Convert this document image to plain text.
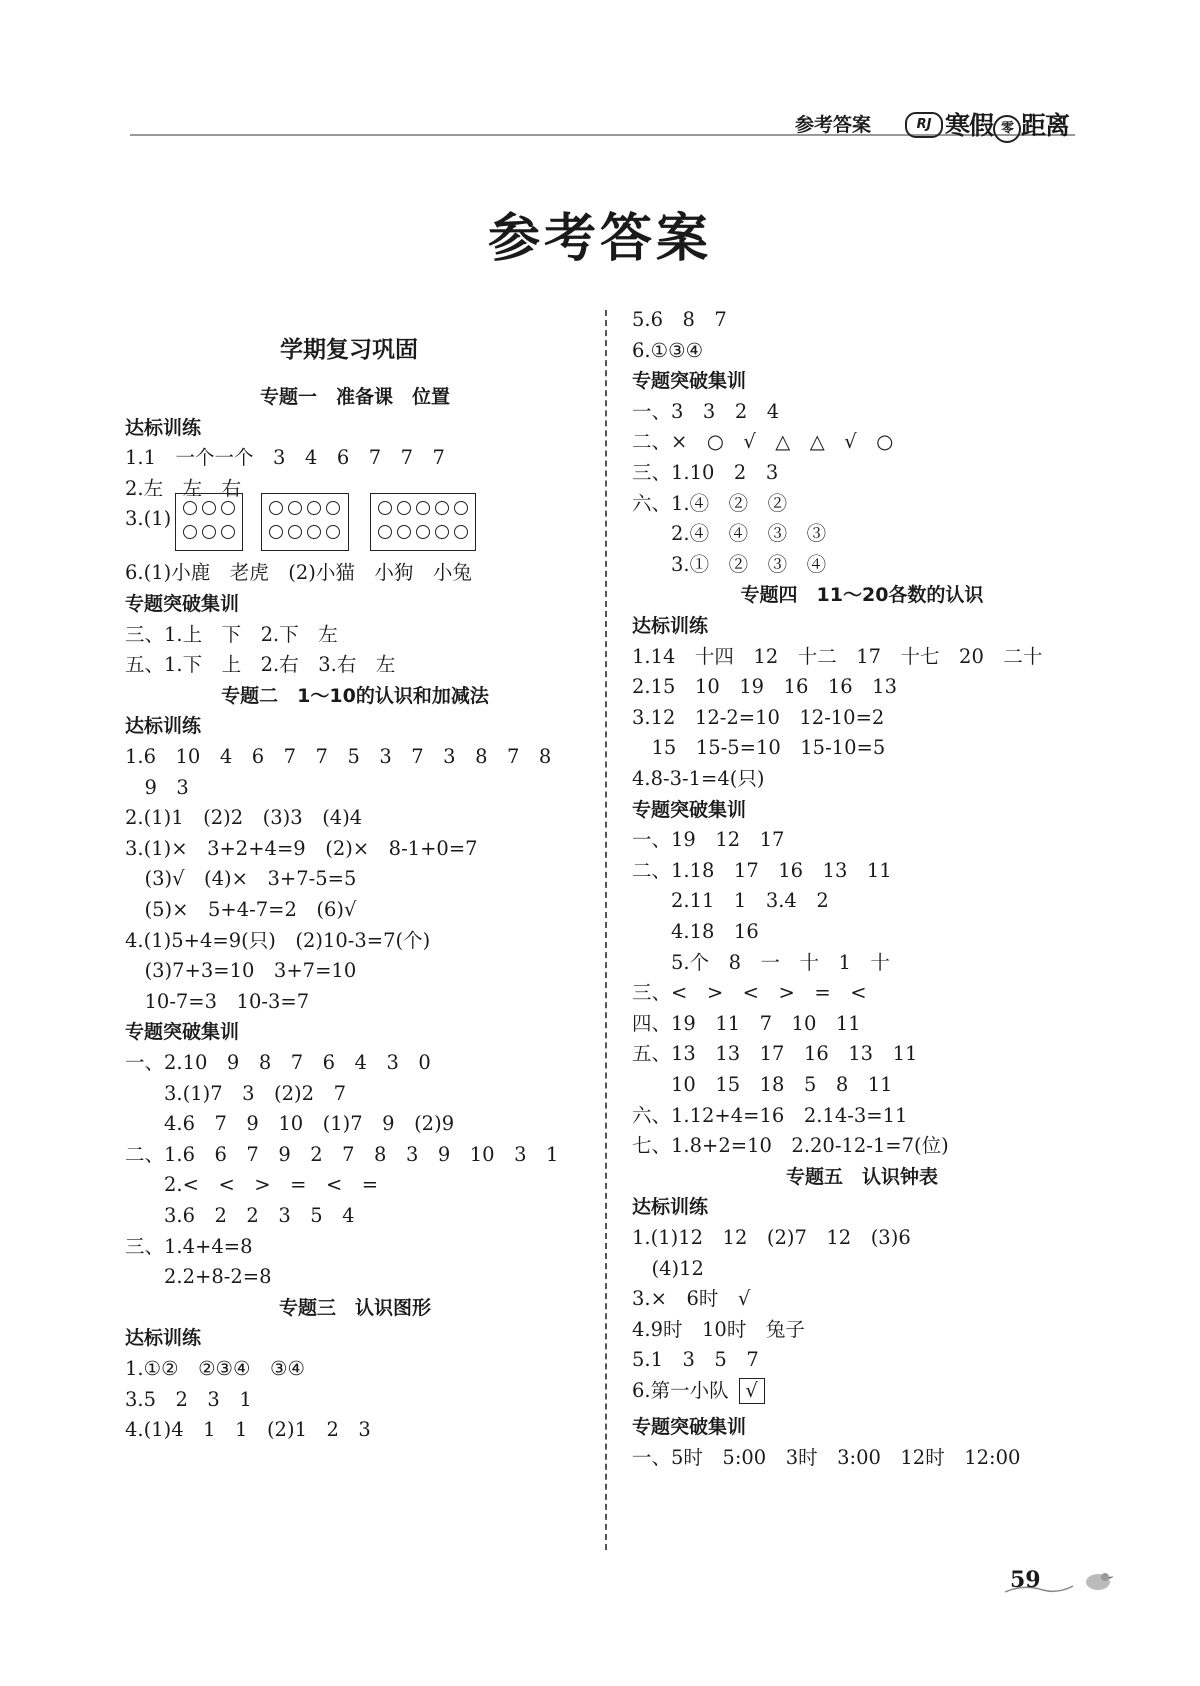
参考答案	RJ 寒假 零 距离
参考答案
学期复习巩固
专题一　准备课　位置
达标训练
1.1　一个一个　3　4　6　7　7　7
2.左　左　右
3.(1)
6.(1)小鹿　老虎　(2)小猫　小狗　小兔
专题突破集训
三、1.上　下　2.下　左
五、1.下　上　2.右　3.右　左
专题二　1～10的认识和加减法
达标训练
1.6　10　4　6　7　7　5　3　7　3　8　7　8
　9　3
2.(1)1　(2)2　(3)3　(4)4
3.(1)×　3+2+4=9　(2)×　8-1+0=7
　(3)√　(4)×　3+7-5=5
　(5)×　5+4-7=2　(6)√
4.(1)5+4=9(只)　(2)10-3=7(个)
　(3)7+3=10　3+7=10
　10-7=3　10-3=7
专题突破集训
一、2.10　9　8　7　6　4　3　0
　　3.(1)7　3　(2)2　7
　　4.6　7　9　10　(1)7　9　(2)9
二、1.6　6　7　9　2　7　8　3　9　10　3　1
　　2.<　<　>　=　<　=
　　3.6　2　2　3　5　4
三、1.4+4=8
　　2.2+8-2=8
专题三　认识图形
达标训练
1.①②　②③④　③④
3.5　2　3　1
4.(1)4　1　1　(2)1　2　3
5.6　8　7
6.①③④
专题突破集训
一、3　3　2　4
二、×　○　√　△　△　√　○
三、1.10　2　3
六、1.④　②　②
　　2.④　④　③　③
　　3.①　②　③　④
专题四　11～20各数的认识
达标训练
1.14　十四　12　十二　17　十七　20　二十
2.15　10　19　16　16　13
3.12　12-2=10　12-10=2
　15　15-5=10　15-10=5
4.8-3-1=4(只)
专题突破集训
一、19　12　17
二、1.18　17　16　13　11
　　2.11　1　3.4　2
　　4.18　16
　　5.个　8　一　十　1　十
三、<　>　<　>　=　<
四、19　11　7　10　11
五、13　13　17　16　13　11
　　10　15　18　5　8　11
六、1.12+4=16　2.14-3=11
七、1.8+2=10　2.20-12-1=7(位)
专题五　认识钟表
达标训练
1.(1)12　12　(2)7　12　(3)6
　(4)12
3.×　6时　√
4.9时　10时　兔子
5.1　3　5　7
6.第一小队 √
专题突破集训
一、5时　5:00　3时　3:00　12时　12:00
59
